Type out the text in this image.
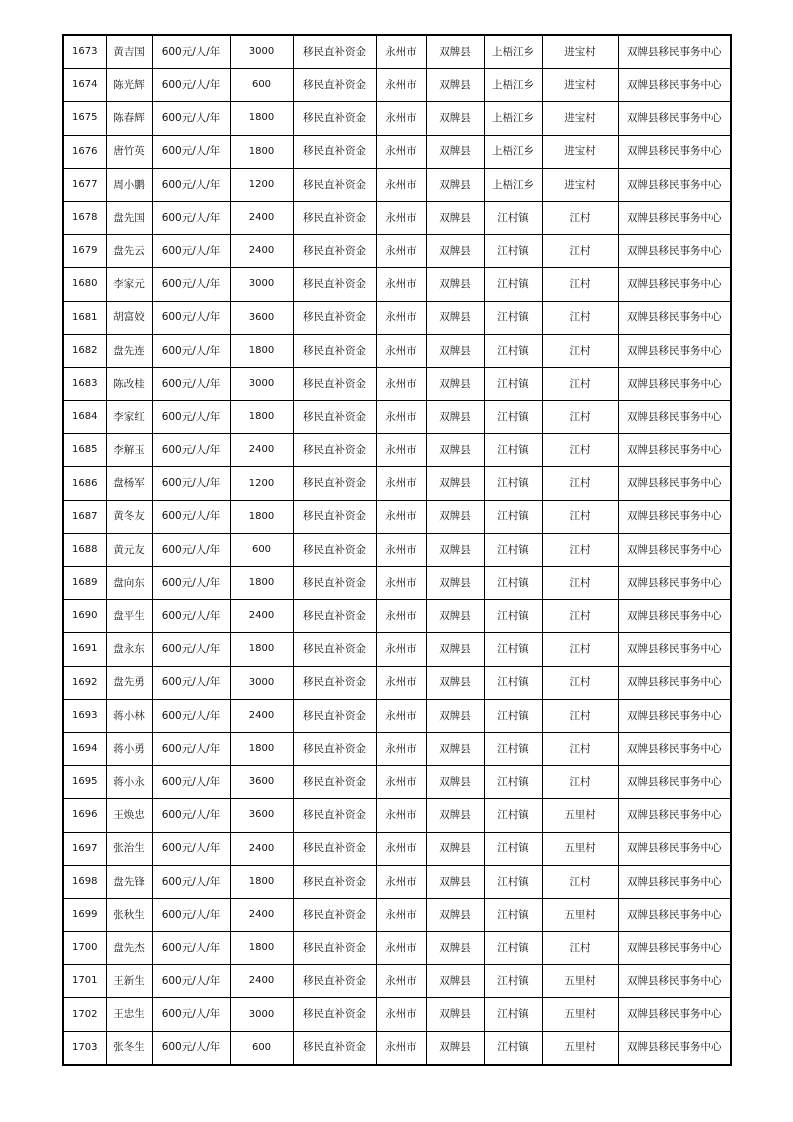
1673	黄吉国	600元/人/年	3000	移民直补资金	永州市	双牌县	上梧江乡	进宝村	双牌县移民事务中心
1674	陈光辉	600元/人/年	600	移民直补资金	永州市	双牌县	上梧江乡	进宝村	双牌县移民事务中心
1675	陈春辉	600元/人/年	1800	移民直补资金	永州市	双牌县	上梧江乡	进宝村	双牌县移民事务中心
1676	唐竹英	600元/人/年	1800	移民直补资金	永州市	双牌县	上梧江乡	进宝村	双牌县移民事务中心
1677	周小鹏	600元/人/年	1200	移民直补资金	永州市	双牌县	上梧江乡	进宝村	双牌县移民事务中心
1678	盘先国	600元/人/年	2400	移民直补资金	永州市	双牌县	江村镇	江村	双牌县移民事务中心
1679	盘先云	600元/人/年	2400	移民直补资金	永州市	双牌县	江村镇	江村	双牌县移民事务中心
1680	李家元	600元/人/年	3000	移民直补资金	永州市	双牌县	江村镇	江村	双牌县移民事务中心
1681	胡富姣	600元/人/年	3600	移民直补资金	永州市	双牌县	江村镇	江村	双牌县移民事务中心
1682	盘先连	600元/人/年	1800	移民直补资金	永州市	双牌县	江村镇	江村	双牌县移民事务中心
1683	陈改桂	600元/人/年	3000	移民直补资金	永州市	双牌县	江村镇	江村	双牌县移民事务中心
1684	李家红	600元/人/年	1800	移民直补资金	永州市	双牌县	江村镇	江村	双牌县移民事务中心
1685	李解玉	600元/人/年	2400	移民直补资金	永州市	双牌县	江村镇	江村	双牌县移民事务中心
1686	盘杨军	600元/人/年	1200	移民直补资金	永州市	双牌县	江村镇	江村	双牌县移民事务中心
1687	黄冬友	600元/人/年	1800	移民直补资金	永州市	双牌县	江村镇	江村	双牌县移民事务中心
1688	黄元友	600元/人/年	600	移民直补资金	永州市	双牌县	江村镇	江村	双牌县移民事务中心
1689	盘向东	600元/人/年	1800	移民直补资金	永州市	双牌县	江村镇	江村	双牌县移民事务中心
1690	盘平生	600元/人/年	2400	移民直补资金	永州市	双牌县	江村镇	江村	双牌县移民事务中心
1691	盘永东	600元/人/年	1800	移民直补资金	永州市	双牌县	江村镇	江村	双牌县移民事务中心
1692	盘先勇	600元/人/年	3000	移民直补资金	永州市	双牌县	江村镇	江村	双牌县移民事务中心
1693	蒋小林	600元/人/年	2400	移民直补资金	永州市	双牌县	江村镇	江村	双牌县移民事务中心
1694	蒋小勇	600元/人/年	1800	移民直补资金	永州市	双牌县	江村镇	江村	双牌县移民事务中心
1695	蒋小永	600元/人/年	3600	移民直补资金	永州市	双牌县	江村镇	江村	双牌县移民事务中心
1696	王焕忠	600元/人/年	3600	移民直补资金	永州市	双牌县	江村镇	五里村	双牌县移民事务中心
1697	张治生	600元/人/年	2400	移民直补资金	永州市	双牌县	江村镇	五里村	双牌县移民事务中心
1698	盘先锋	600元/人/年	1800	移民直补资金	永州市	双牌县	江村镇	江村	双牌县移民事务中心
1699	张秋生	600元/人/年	2400	移民直补资金	永州市	双牌县	江村镇	五里村	双牌县移民事务中心
1700	盘先杰	600元/人/年	1800	移民直补资金	永州市	双牌县	江村镇	江村	双牌县移民事务中心
1701	王新生	600元/人/年	2400	移民直补资金	永州市	双牌县	江村镇	五里村	双牌县移民事务中心
1702	王忠生	600元/人/年	3000	移民直补资金	永州市	双牌县	江村镇	五里村	双牌县移民事务中心
1703	张冬生	600元/人/年	600	移民直补资金	永州市	双牌县	江村镇	五里村	双牌县移民事务中心
